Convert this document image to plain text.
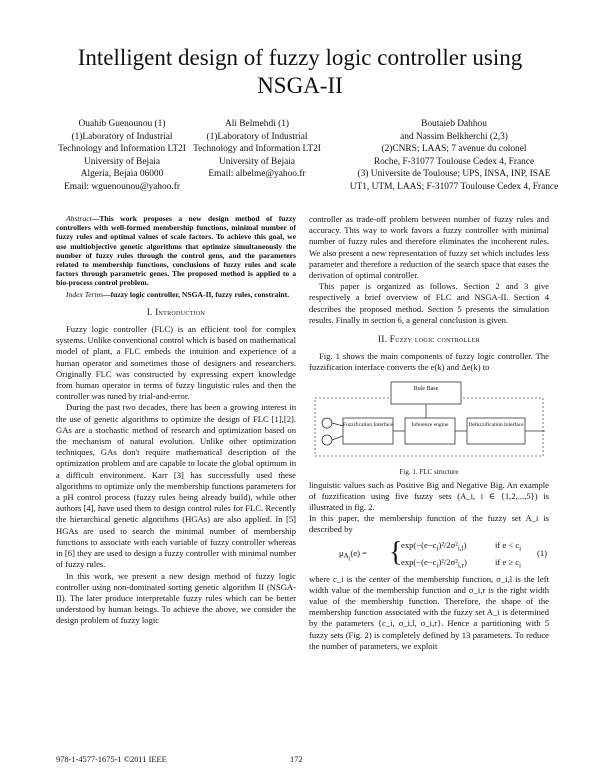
Intelligent design of fuzzy logic controller using NSGA-II
Ouahib Guenounou (1)
(1)Laboratory of Industrial
Technology and Information LT2I
University of Bejaia
Algeria, Bejaia 06000
Email: wguenounou@yahoo.fr
Ali Belmehdi (1)
(1)Laboratory of Industrial
Technology and Information LT2I
University of Bejaia
Email: albelme@yahoo.fr
Boutaieb Dahhou
and Nassim Belkherchi (2,3)
(2)CNRS; LAAS; 7 avenue du colonel
Roche, F-31077 Toulouse Cedex 4, France
(3) Universite de Toulouse; UPS, INSA, INP, ISAE
UT1, UTM, LAAS; F-31077 Toulouse Cedex 4, France

Abstract—This work proposes a new design method of fuzzy controllers with well-formed membership functions, minimal number of fuzzy rules and optimal values of scale factors. To achieve this goal, we use multiobjective genetic algorithms that optimize simultaneously the number of fuzzy rules through the control gens, and the parameters related to membership functions, conclusions of fuzzy rules and scale factors through parametric genes. The proposed method is applied to a bio-process control problem.

Index Terms—fuzzy logic controller, NSGA-II, fuzzy rules, constraint.

I. Introduction

Fuzzy logic controller (FLC) is an efficient tool for complex systems. Unlike conventional control which is based on mathematical model of plant, a FLC embeds the intuition and experience of a human operator and sometimes those of designers and researchers. Originally FLC was constructed by expressing expert knowledge from human operator in terms of fuzzy linguistic rules and then the controller was tuned by trial-and-error.

During the past two decades, there has been a growing interest in the use of genetic algorithms to optimize the design of FLC [1],[2]. GAs are a stochastic method of research and optimization based on the mechanism of natural evolution. Unlike other optimization techniques, GAs don't require mathematical description of the optimization problem and are capable to locate the global optimum in a difficult environment. Karr [3] has successfully used these algorithms to optimize only the membership functions parameters for a pH control process (fuzzy rules being already build), while other authors [4], have used them to design control rules for FLC. Recently the hierarchical genetic algorithms (HGAs) are also applied. In [5] HGAs are used to search the minimal number of membership functions to associate with each variable of fuzzy controller whereas in [6] they are used to design a fuzzy controller with minimal number of fuzzy rules.

In this work, we present a new design method of fuzzy logic controller using non-dominated sorting genetic algorithm II (NSGA-II). The later produce interpretable fuzzy rules which can be better understood by human beings. To achieve the above, we consider the design problem of fuzzy logic

controller as trade-off problem between number of fuzzy rules and accuracy. This way to work favors a fuzzy controller with minimal number of fuzzy rules and therefore eliminates the incoherent rules. We also present a new representation of fuzzy set which includes less parameter and therefore a reduction of the search space that eases the derivation of optimal controller.

This paper is organized as follows. Section 2 and 3 give respectively a brief overview of FLC and NSGA-II. Section 4 describes the proposed method. Section 5 presents the simulation results. Finally in section 6, a general conclusion is given.

II. Fuzzy logic controller

Fig. 1 shows the main components of fuzzy logic controller. The fuzzification interface converts the e(k) and Δe(k) to

Rule Base
Fuzzification Interface	Inference engine	Defuzzification Interface
Fig. 1. FLC structure

linguistic values such as Positive Big and Negative Big. An example of fuzzification using five fuzzy sets (A_i, i ∈ {1,2,...,5}) is illustrated in fig. 2.

In this paper, the membership function of the fuzzy set A_i is described by

$\mu_{A_i}(e)$ = {
$\exp(-(e-c_i)^2/2\sigma^2_{i,l})$	if $e < c_i$
$\exp(-(e-c_i)^2/2\sigma^2_{i,r})$	if $e \ge c_i$
(1)

where c_i is the center of the membership function, σ_i,l is the left width value of the membership function and σ_i,r is the right width value of the membership function. Therefore, the shape of the membership function associated with the fuzzy set A_i is determined by the parameters {c_i, σ_i,l, σ_i,r}. Hence a partitioning with 5 fuzzy sets (Fig. 2) is completely defined by 13 parameters. To reduce the number of parameters, we exploit

978-1-4577-1675-1 ©2011 IEEE	172
